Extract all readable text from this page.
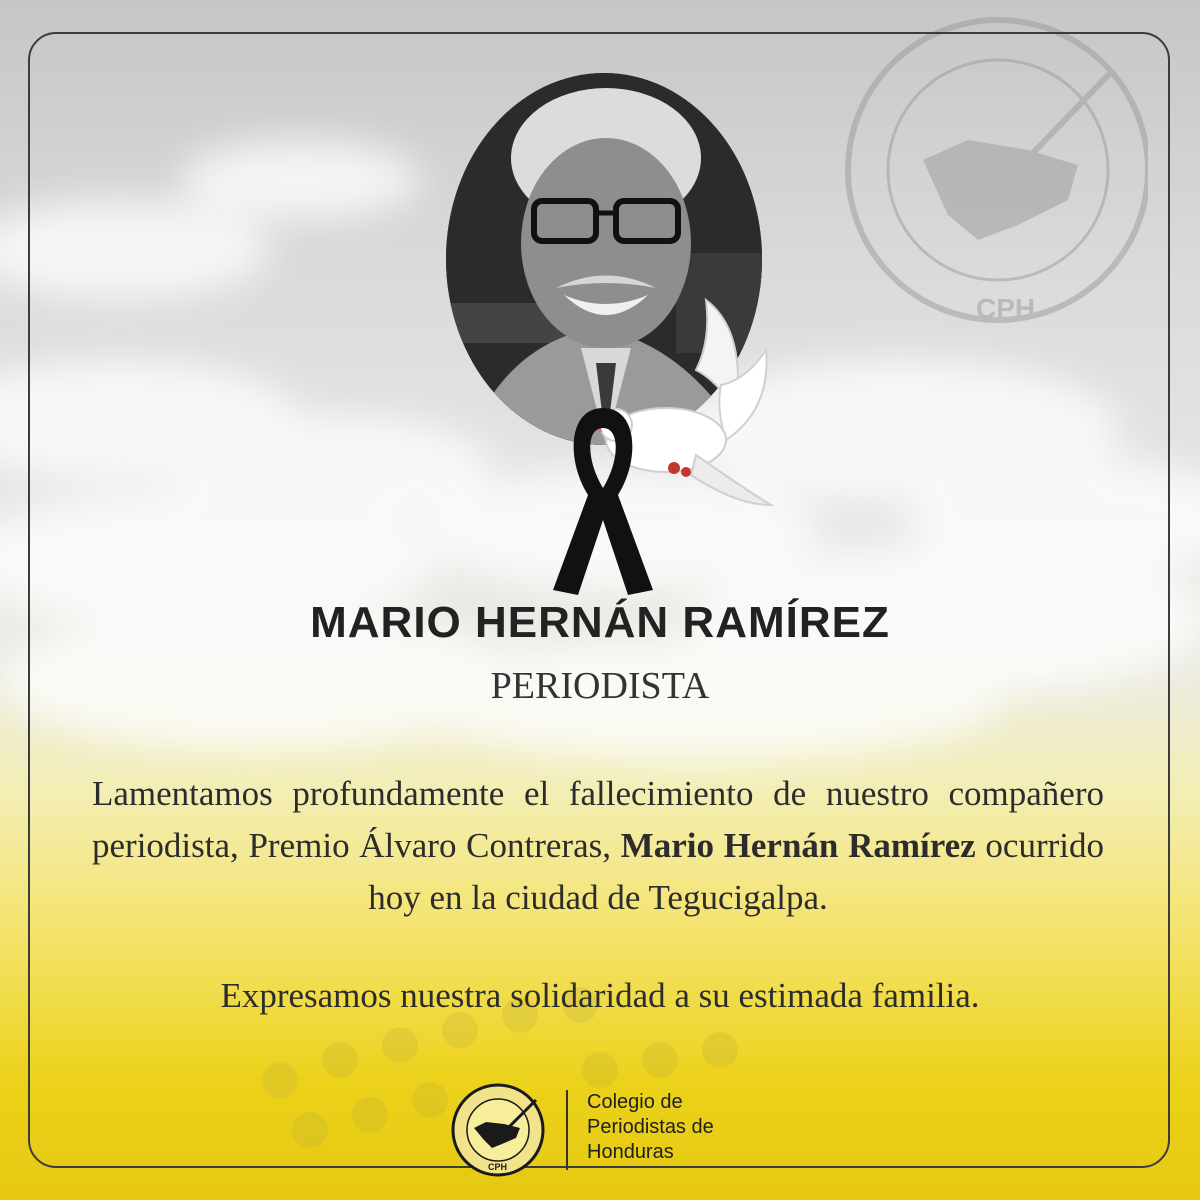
CPH
MARIO HERNÁN RAMÍREZ
PERIODISTA
Lamentamos profundamente el fallecimiento de nuestro compañero periodista, Premio Álvaro Contreras, Mario Hernán Ramírez ocurrido hoy en la ciudad de Tegucigalpa.
Expresamos nuestra solidaridad a su estimada familia.
CPH
Colegio de
Periodistas de
Honduras
